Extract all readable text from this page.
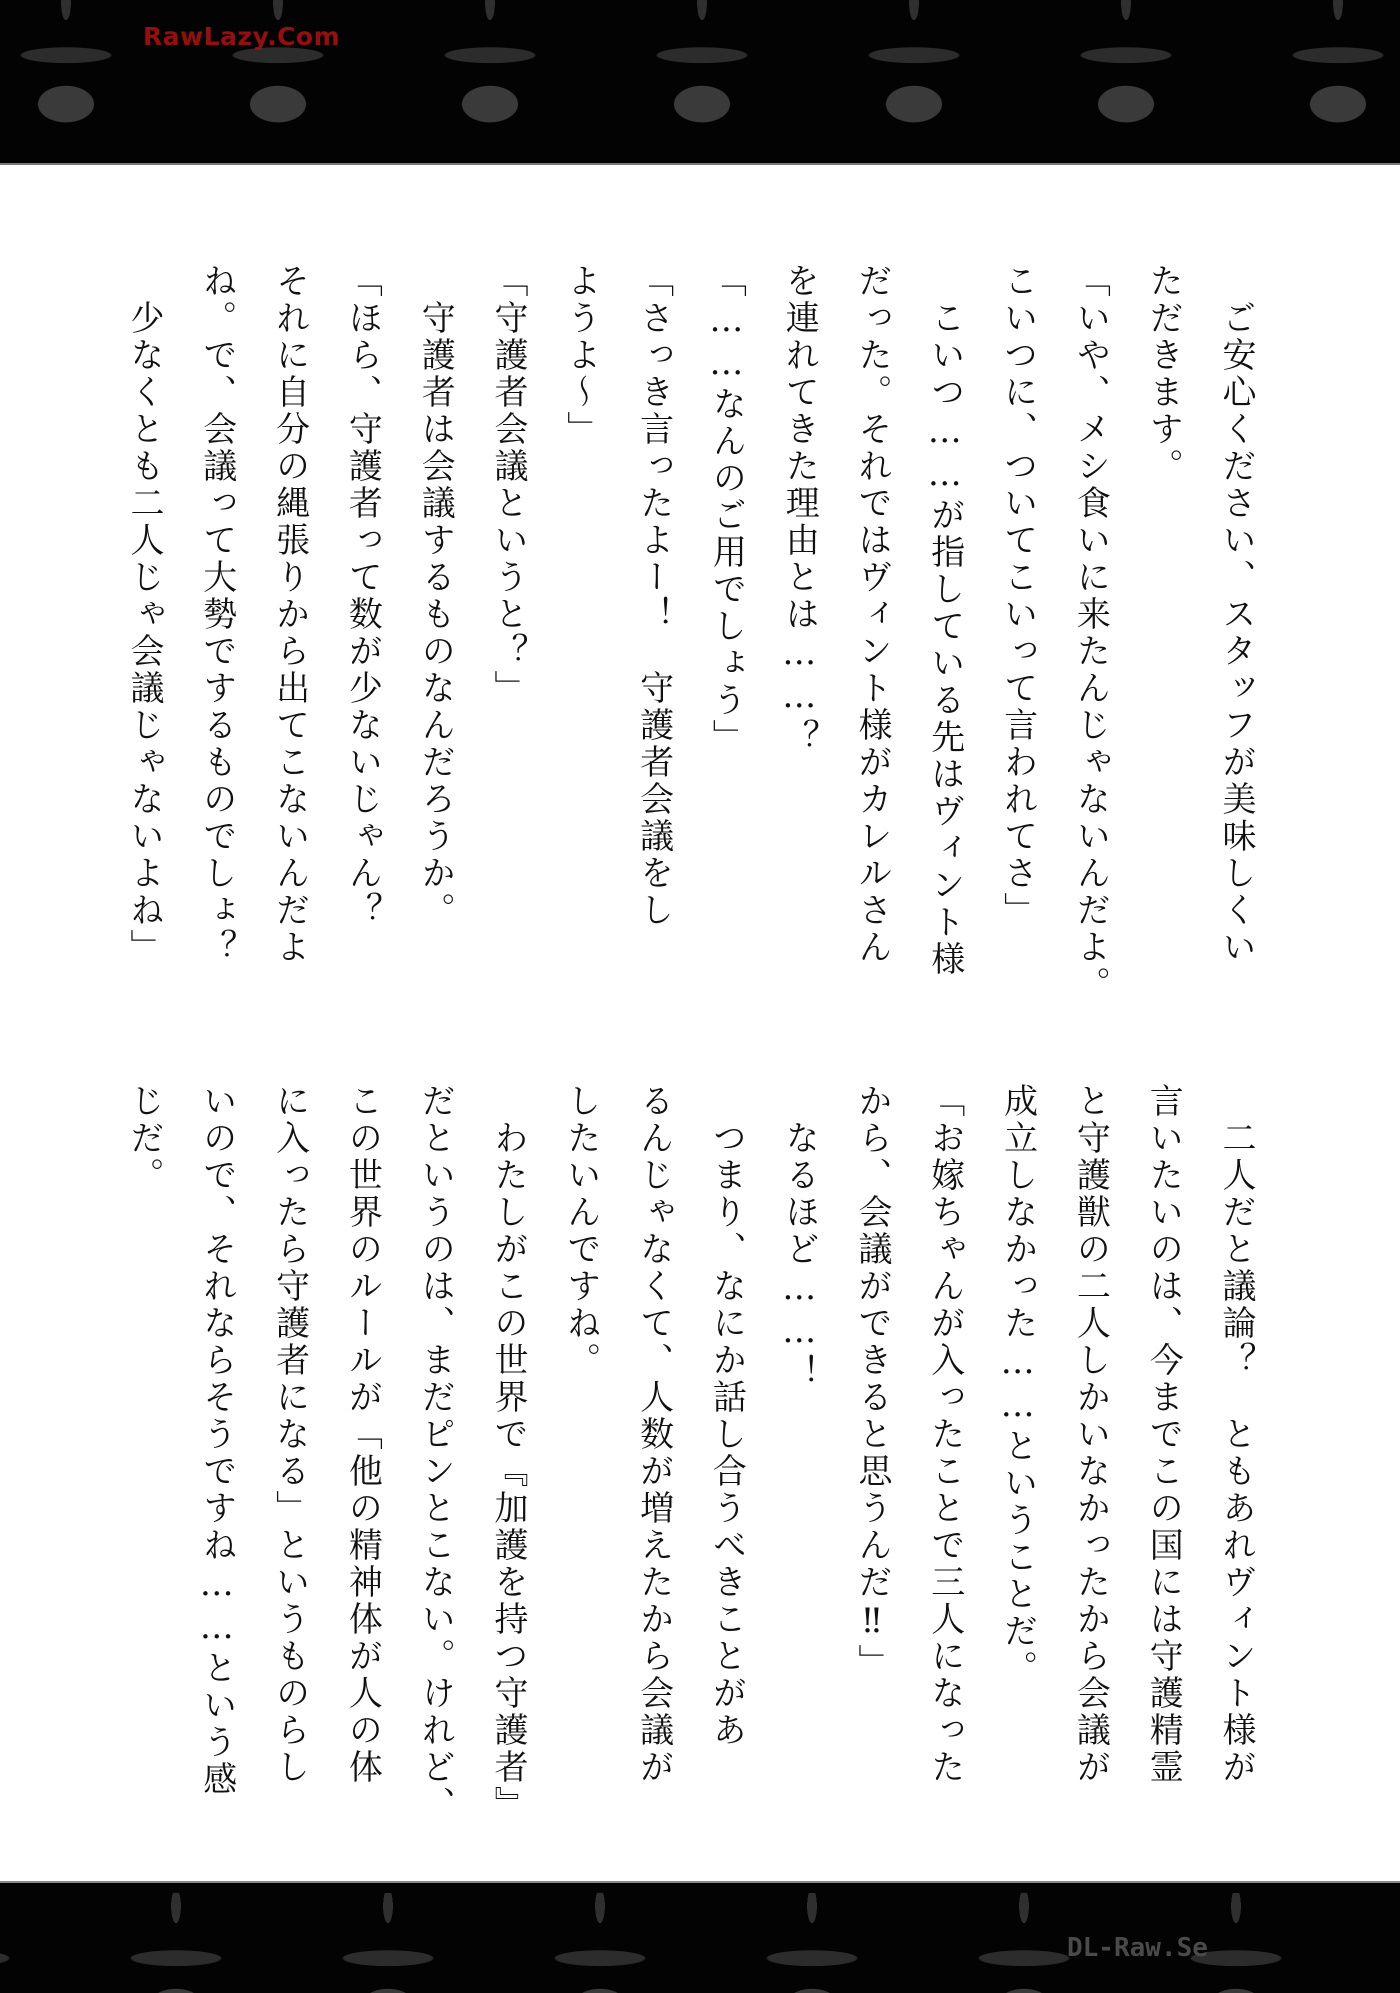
RawLazy.Com
ご安心ください、スタッフが美味しくい
ただきます。
「いや、メシ食いに来たんじゃないんだよ。
こいつに、ついてこいって言われてさ」
こいつ……が指している先はヴィント様
だった。それではヴィント様がカレルさん
を連れてきた理由とは……？
「……なんのご用でしょう」
「さっき言ったよー！　守護者会議をし
ようよ～」
「守護者会議というと？」
守護者は会議するものなんだろうか。
「ほら、守護者って数が少ないじゃん？
それに自分の縄張りから出てこないんだよ
ね。で、会議って大勢でするものでしょ？
少なくとも二人じゃ会議じゃないよね」
二人だと議論？　ともあれヴィント様が
言いたいのは、今までこの国には守護精霊
と守護獣の二人しかいなかったから会議が
成立しなかった……ということだ。
「お嫁ちゃんが入ったことで三人になった
から、会議ができると思うんだ‼」
なるほど……！
つまり、なにか話し合うべきことがあ
るんじゃなくて、人数が増えたから会議が
したいんですね。
わたしがこの世界で『加護を持つ守護者』
だというのは、まだピンとこない。けれど、
この世界のルールが「他の精神体が人の体
に入ったら守護者になる」というものらし
いので、それならそうですね……という感
じだ。
DL-Raw.Se
